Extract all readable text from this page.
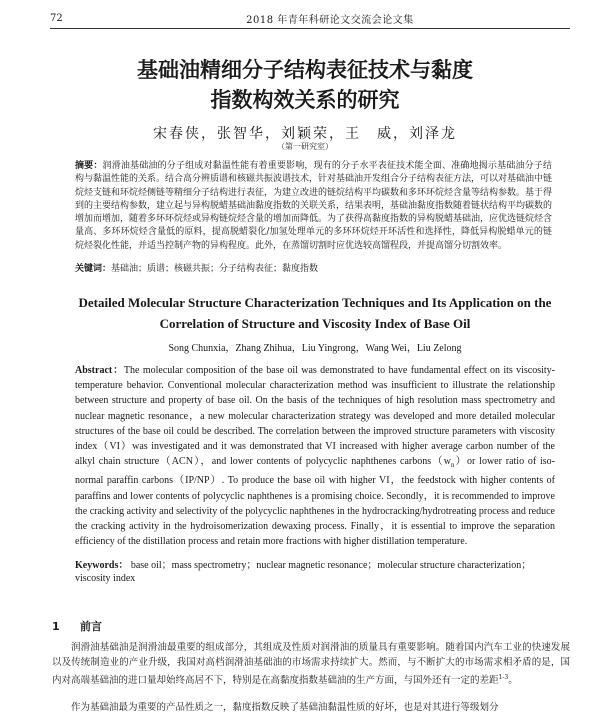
72	2018 年青年科研论文交流会论文集
基础油精细分子结构表征技术与黏度
指数构效关系的研究
宋春侠，张智华，刘颖荣，王　威，刘泽龙
（第一研究室）
摘要：润滑油基础油的分子组成对黏温性能有着重要影响，现有的分子水平表征技术能全面、准确地揭示基础油分子结构与黏温性能的关系。结合高分辨质谱和核磁共振波谱技术，针对基础油开发组合分子结构表征方法，可以对基础油中链烷烃支链和环烷烃侧链等精细分子结构进行表征，为建立改进的链烷结构平均碳数和多环环烷烃含量等结构参数。基于得到的主要结构参数，建立起与异构脱蜡基础油黏度指数的关联关系，结果表明，基础油黏度指数随着链状结构平均碳数的增加而增加，随着多环环烷烃或异构链烷烃含量的增加而降低。为了获得高黏度指数的异构脱蜡基础油，应优选链烷烃含量高、多环环烷烃含量低的原料，提高脱蜡裂化/加氢处理单元的多环环烷烃开环活性和选择性，降低异构脱蜡单元的链烷烃裂化性能，并适当控制产物的异构程度。此外，在蒸馏切割时应优选较高馏程段，并提高馏分切割效率。
关键词：基础油；质谱；核磁共振；分子结构表征；黏度指数
Detailed Molecular Structure Characterization Techniques and Its Application on the
Correlation of Structure and Viscosity Index of Base Oil
Song Chunxia，Zhang Zhihua，Liu Yingrong，Wang Wei，Liu Zelong
Abstract：The molecular composition of the base oil was demonstrated to have fundamental effect on its viscosity-temperature behavior. Conventional molecular characterization method was insufficient to illustrate the relationship between structure and property of base oil. On the basis of the techniques of high resolution mass spectrometry and nuclear magnetic resonance，a new molecular characterization strategy was developed and more detailed molecular structures of the base oil could be described. The correlation between the improved structure parameters with viscosity index（VI）was investigated and it was demonstrated that VI increased with higher average carbon number of the alkyl chain structure（ACN），and lower contents of polycyclic naphthenes $carbons(w_n)or$ lower ratio of iso-normal paraffin carbons（IP/NP）. To produce the base oil with higher VI，the feedstock with higher contents of paraffins and lower contents of polycyclic naphthenes is a promising choice. Secondly，it is recommended to improve the cracking activity and selectivity of the polycyclic naphthenes in the hydrocracking/hydrotreating process and reduce the cracking activity in the hydroisomerization dewaxing process. Finally，it is essential to improve the separation efficiency of the distillation process and retain more fractions with higher distillation temperature.
Keywords： base oil；mass spectrometry；nuclear magnetic resonance；molecular structure characterization；viscosity index
1 前言
润滑油基础油是润滑油最重要的组成部分，其组成及性质对润滑油的质量具有重要影响。随着国内汽车工业的快速发展以及传统制造业的产业升级，我国对高档润滑油基础油的市场需求持续扩大。然而，与不断扩大的市场需求相矛盾的是，国内对高端基础油的进口量却始终高居不下，特别是在高黏度指数基础油的生产方面，与国外还有一定的差距$^{1-3}$。
作为基础油最为重要的产品性质之一，黏度指数反映了基础油黏温性质的好坏，也是对其进行等级划分
